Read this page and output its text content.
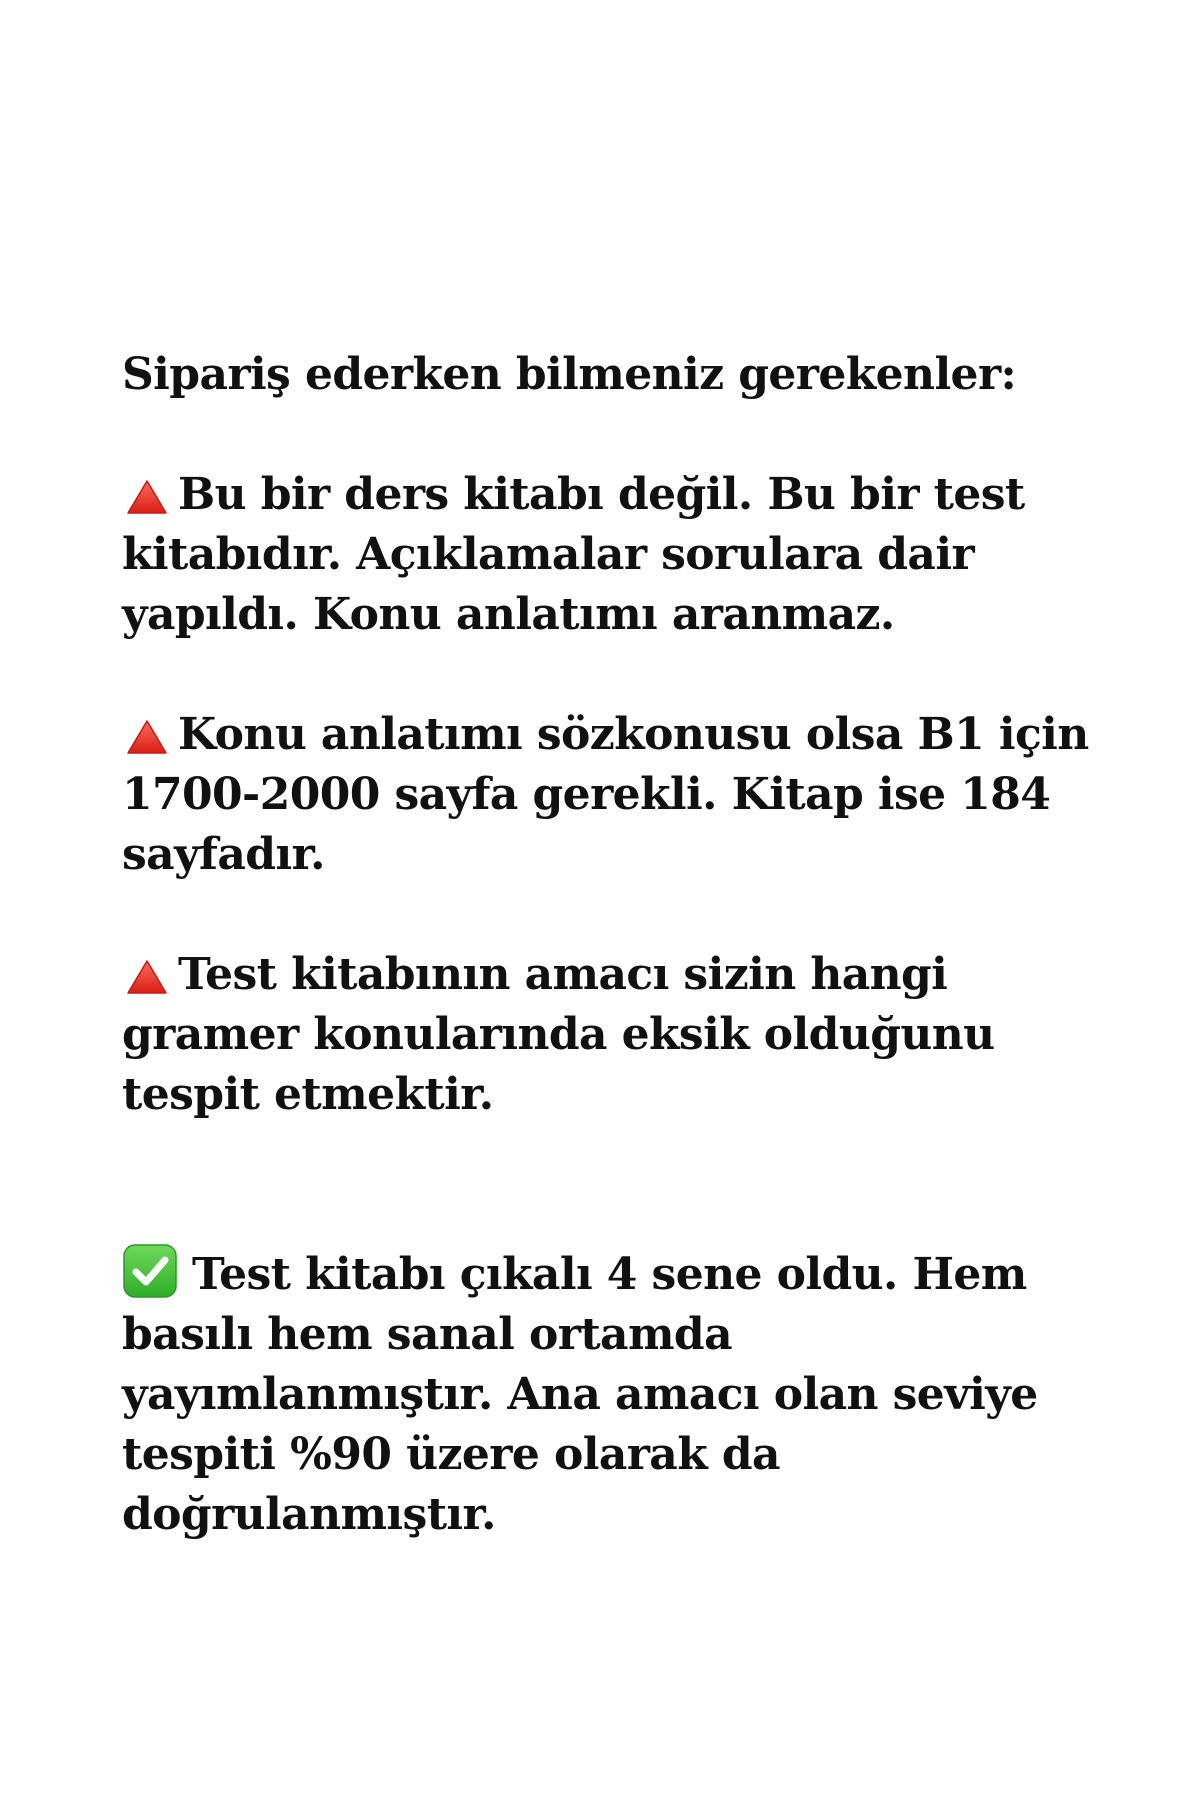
Sipariş ederken bilmeniz gerekenler:
Bu bir ders kitabı değil. Bu bir test kitabıdır. Açıklamalar sorulara dair yapıldı. Konu anlatımı aranmaz.
Konu anlatımı sözkonusu olsa B1 için 1700-2000 sayfa gerekli. Kitap ise 184 sayfadır.
Test kitabının amacı sizin hangi gramer konularında eksik olduğunu tespit etmektir.
Test kitabı çıkalı 4 sene oldu. Hem basılı hem sanal ortamda yayımlanmıştır. Ana amacı olan seviye tespiti %90 üzere olarak da doğrulanmıştır.
